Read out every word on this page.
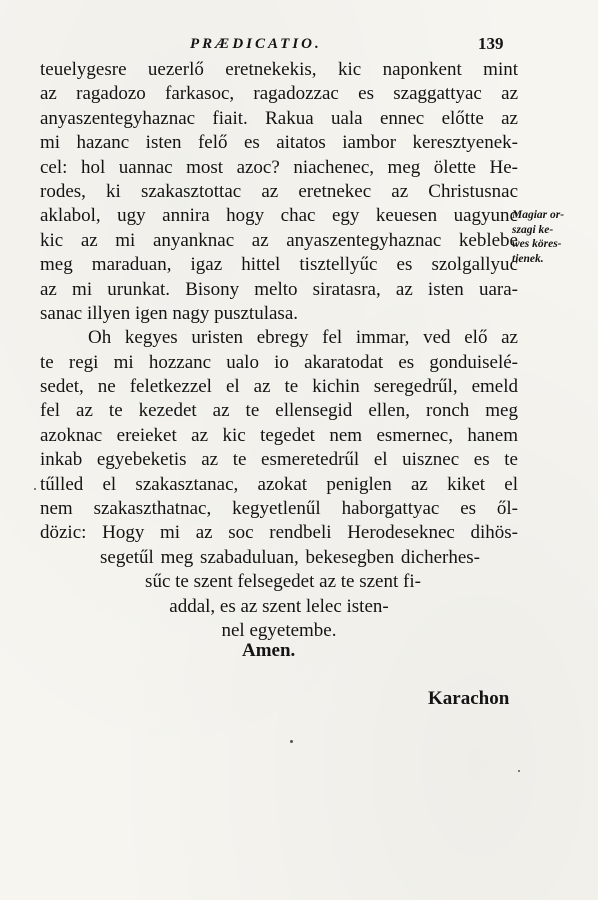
PRÆDICATIO.	139
teuelygesre uezerlő eretnekekis, kic naponkent mint
az ragadozo farkasoc, ragadozzac es szaggattyac az
anyaszentegyhaznac fiait. Rakua uala ennec előtte az
mi hazanc isten felő es aitatos iambor keresztyenek-
cel: hol uannac most azoc? niachenec, meg ölette He-
rodes, ki szakasztottac az eretnekec az Christusnac
aklabol, ugy annira hogy chac egy keuesen uagyunc
kic az mi anyanknac az anyaszentegyhaznac keblebe
meg maraduan, igaz hittel tisztellyűc es szolgallyuc
az mi urunkat. Bisony melto siratasra, az isten uara-
sanac illyen igen nagy pusztulasa.
Oh kegyes uristen ebregy fel immar, ved elő az
te regi mi hozzanc ualo io akaratodat es gonduiselé-
sedet, ne feletkezzel el az te kichin seregedrűl, emeld
fel az te kezedet az te ellensegid ellen, ronch meg
azoknac ereieket az kic tegedet nem esmernec, hanem
inkab egyebeketis az te esmeretedrűl el uisznec es te
tűlled el szakasztanac, azokat peniglen az kiket el
nem szakaszthatnac, kegyetlenűl haborgattyac es ől-
dözic: Hogy mi az soc rendbeli Herodeseknec dihös-
segetűl meg szabaduluan, bekesegben dicherhes-
sűc te szent felsegedet az te szent fi-
addal, es az szent lelec isten-
nel egyetembe.
Amen.
Karachon
Magiar or-
szagi ke-
wes köres-
tienek.
